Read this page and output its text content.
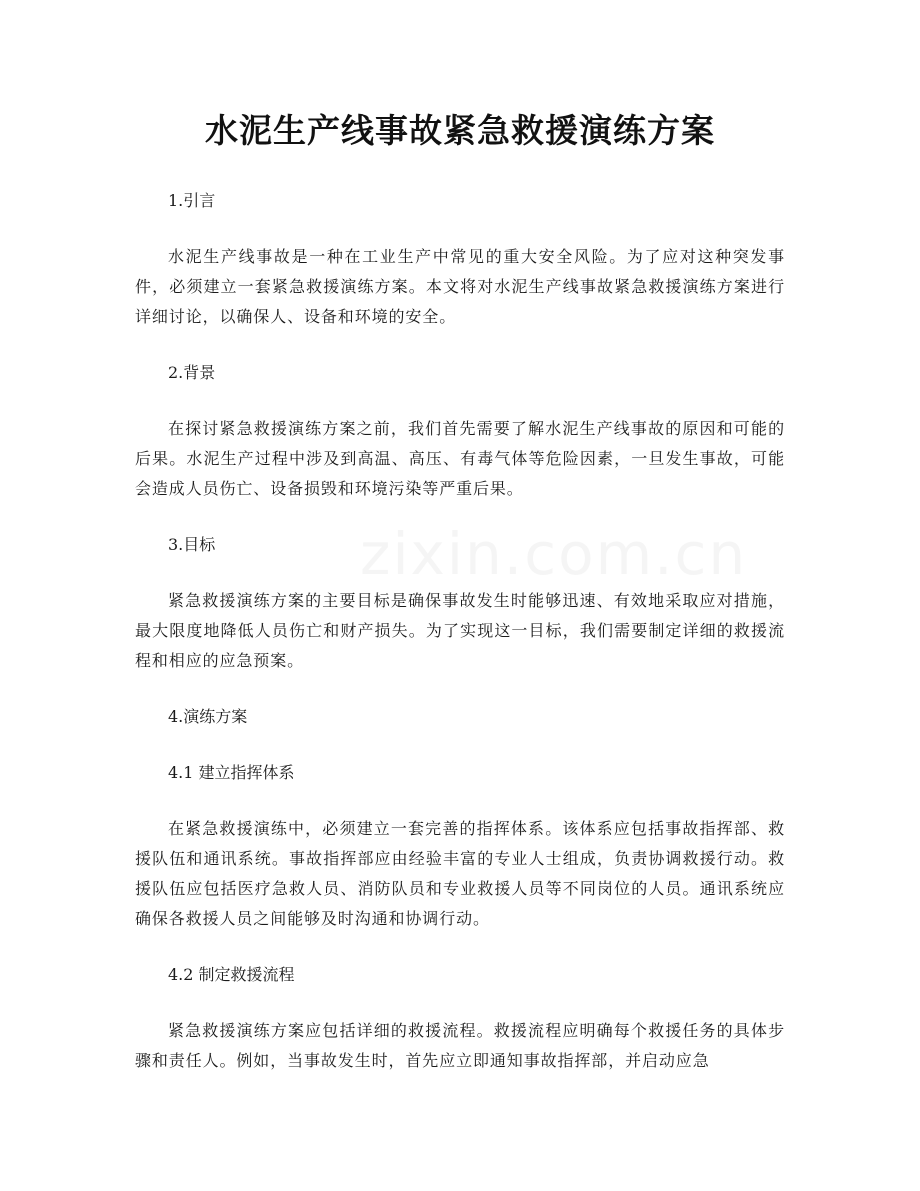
zixin.com.cn
水泥生产线事故紧急救援演练方案

1.引言

水泥生产线事故是一种在工业生产中常见的重大安全风险。为了应对这种突发事件，必须建立一套紧急救援演练方案。本文将对水泥生产线事故紧急救援演练方案进行详细讨论，以确保人、设备和环境的安全。

2.背景

在探讨紧急救援演练方案之前，我们首先需要了解水泥生产线事故的原因和可能的后果。水泥生产过程中涉及到高温、高压、有毒气体等危险因素，一旦发生事故，可能会造成人员伤亡、设备损毁和环境污染等严重后果。

3.目标

紧急救援演练方案的主要目标是确保事故发生时能够迅速、有效地采取应对措施，最大限度地降低人员伤亡和财产损失。为了实现这一目标，我们需要制定详细的救援流程和相应的应急预案。

4.演练方案

4.1 建立指挥体系

在紧急救援演练中，必须建立一套完善的指挥体系。该体系应包括事故指挥部、救援队伍和通讯系统。事故指挥部应由经验丰富的专业人士组成，负责协调救援行动。救援队伍应包括医疗急救人员、消防队员和专业救援人员等不同岗位的人员。通讯系统应确保各救援人员之间能够及时沟通和协调行动。

4.2 制定救援流程

紧急救援演练方案应包括详细的救援流程。救援流程应明确每个救援任务的具体步骤和责任人。例如，当事故发生时，首先应立即通知事故指挥部，并启动应急
